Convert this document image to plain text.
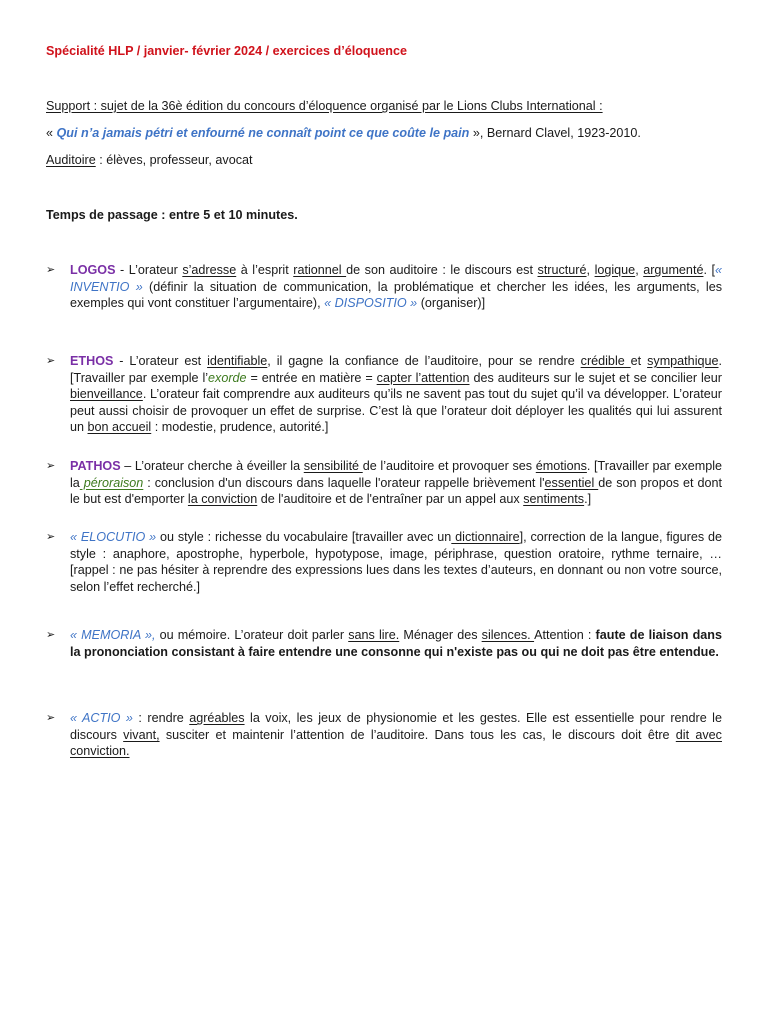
Spécialité HLP / janvier- février 2024 / exercices d’éloquence
Support : sujet de la 36è édition du concours d’éloquence organisé par le Lions Clubs International :
« Qui n’a jamais pétri et enfourné ne connaît point ce que coûte le pain », Bernard Clavel, 1923-2010.
Auditoire : élèves, professeur, avocat
Temps de passage : entre 5 et 10 minutes.
➢ LOGOS - L’orateur s’adresse à l’esprit rationnel de son auditoire : le discours est structuré, logique, argumenté. [« INVENTIO » (définir la situation de communication, la problématique et chercher les idées, les arguments, les exemples qui vont constituer l’argumentaire), « DISPOSITIO » (organiser)]
➢ ETHOS - L’orateur est identifiable, il gagne la confiance de l’auditoire, pour se rendre crédible et sympathique. [Travailler par exemple l’exorde = entrée en matière = capter l’attention des auditeurs sur le sujet et se concilier leur bienveillance. L’orateur fait comprendre aux auditeurs qu’ils ne savent pas tout du sujet qu’il va développer. L’orateur peut aussi choisir de provoquer un effet de surprise. C’est là que l’orateur doit déployer les qualités qui lui assurent un bon accueil : modestie, prudence, autorité.]
➢ PATHOS – L’orateur cherche à éveiller la sensibilité de l’auditoire et provoquer ses émotions. [Travailler par exemple la péroraison : conclusion d'un discours dans laquelle l'orateur rappelle brièvement l'essentiel de son propos et dont le but est d'emporter la conviction de l'auditoire et de l'entraîner par un appel aux sentiments.]
➢ « ELOCUTIO » ou style : richesse du vocabulaire [travailler avec un dictionnaire], correction de la langue, figures de style : anaphore, apostrophe, hyperbole, hypotypose, image, périphrase, question oratoire, rythme ternaire, … [rappel : ne pas hésiter à reprendre des expressions lues dans les textes d’auteurs, en donnant ou non votre source, selon l’effet recherché.]
➢ « MEMORIA », ou mémoire. L’orateur doit parler sans lire. Ménager des silences. Attention : faute de liaison dans la prononciation consistant à faire entendre une consonne qui n'existe pas ou qui ne doit pas être entendue.
➢ « ACTIO » : rendre agréables la voix, les jeux de physionomie et les gestes. Elle est essentielle pour rendre le discours vivant, susciter et maintenir l’attention de l’auditoire. Dans tous les cas, le discours doit être dit avec conviction.
